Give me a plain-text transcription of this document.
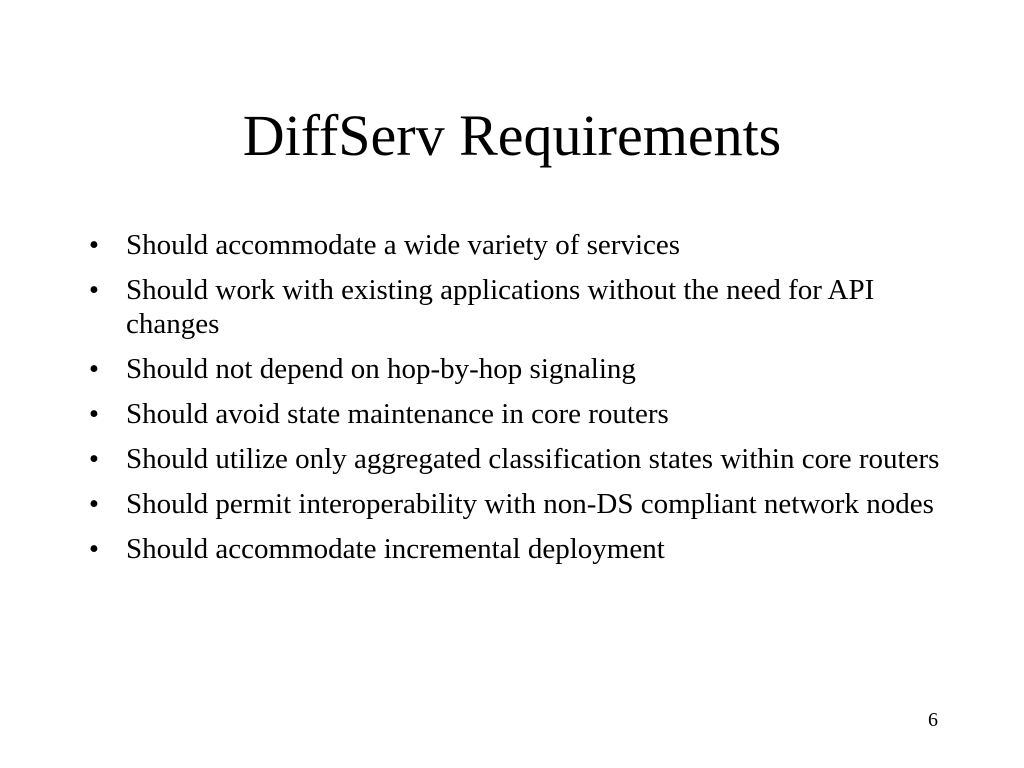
DiffServ Requirements
• Should accommodate a wide variety of services
• Should work with existing applications without the need for API changes
• Should not depend on hop-by-hop signaling
• Should avoid state maintenance in core routers
• Should utilize only aggregated classification states within core routers
• Should permit interoperability with non-DS compliant network nodes
• Should accommodate incremental deployment
6
